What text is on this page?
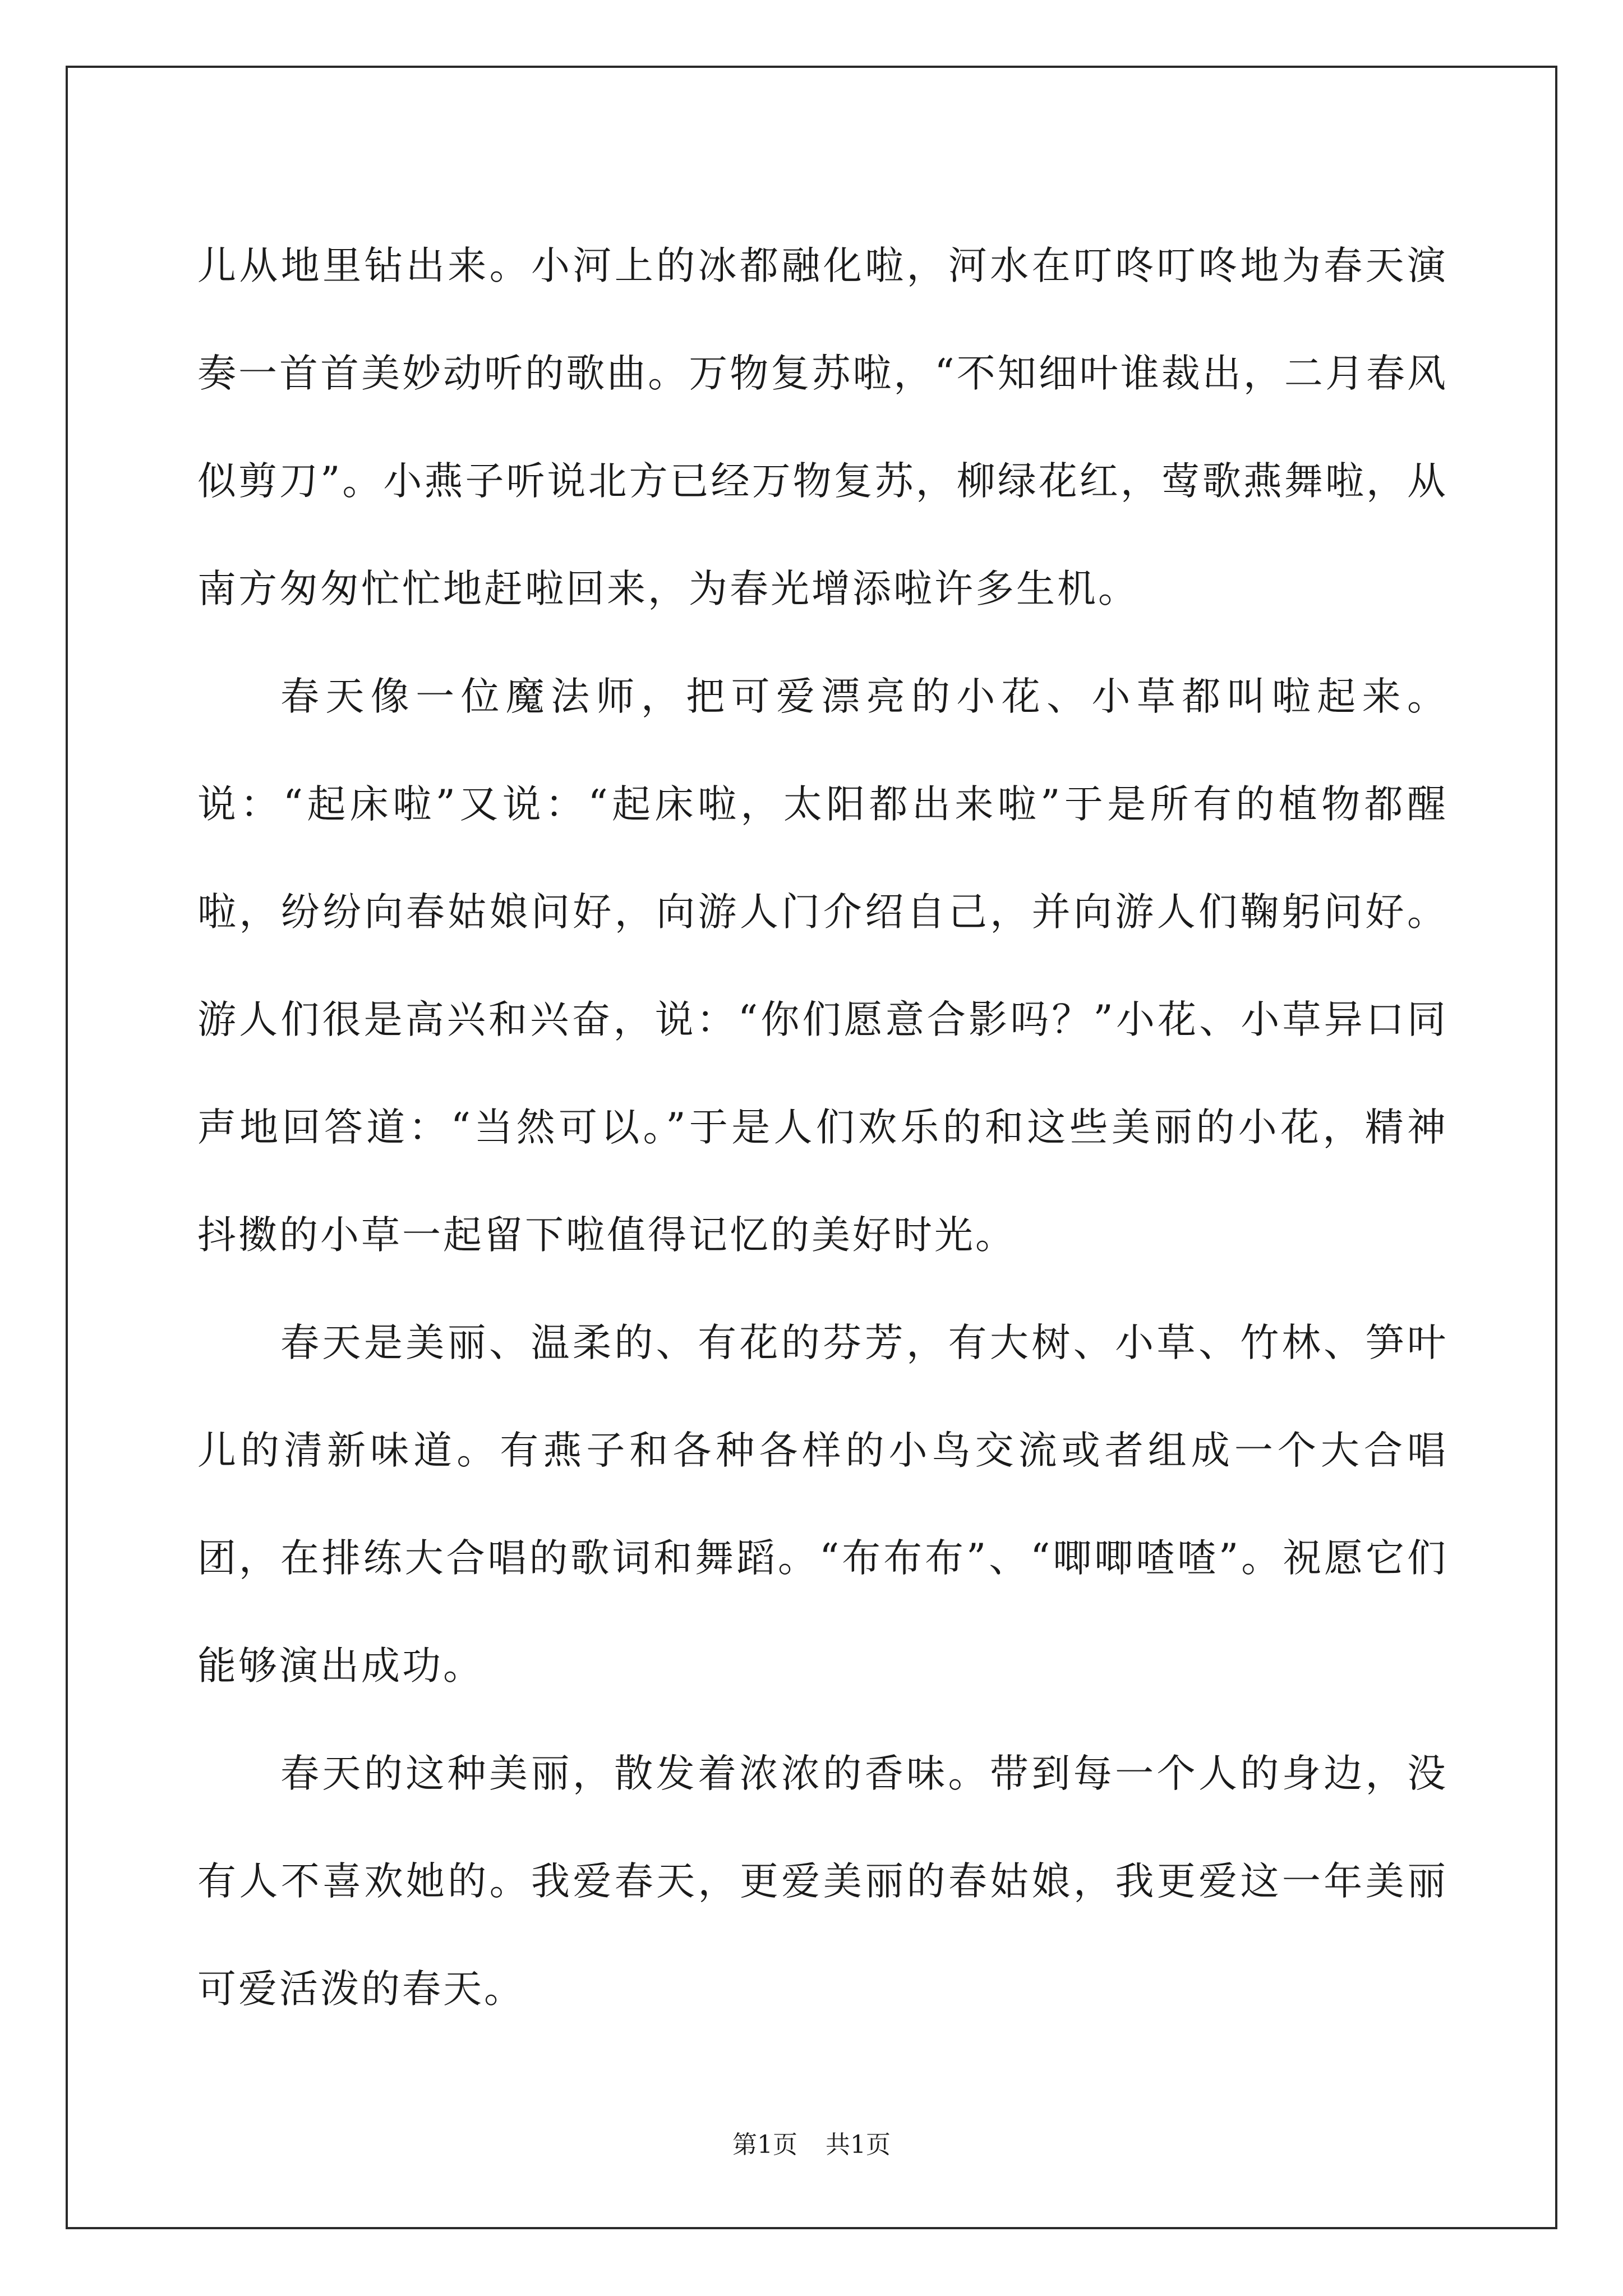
儿从地里钻出来。小河上的冰都融化啦，河水在叮咚叮咚地为春天演奏一首首美妙动听的歌曲。万物复苏啦，“不知细叶谁裁出，二月春风似剪刀”。小燕子听说北方已经万物复苏，柳绿花红，莺歌燕舞啦，从南方匆匆忙忙地赶啦回来，为春光增添啦许多生机。

春天像一位魔法师，把可爱漂亮的小花、小草都叫啦起来。说：“起床啦”又说：“起床啦，太阳都出来啦”于是所有的植物都醒啦，纷纷向春姑娘问好，向游人门介绍自己，并向游人们鞠躬问好。游人们很是高兴和兴奋，说：“你们愿意合影吗？”小花、小草异口同声地回答道：“当然可以。”于是人们欢乐的和这些美丽的小花，精神抖擞的小草一起留下啦值得记忆的美好时光。

春天是美丽、温柔的、有花的芬芳，有大树、小草、竹林、笋叶儿的清新味道。有燕子和各种各样的小鸟交流或者组成一个大合唱团，在排练大合唱的歌词和舞蹈。“布布布”、“唧唧喳喳”。祝愿它们能够演出成功。

春天的这种美丽，散发着浓浓的香味。带到每一个人的身边，没有人不喜欢她的。我爱春天，更爱美丽的春姑娘，我更爱这一年美丽可爱活泼的春天。

第1页 共1页
